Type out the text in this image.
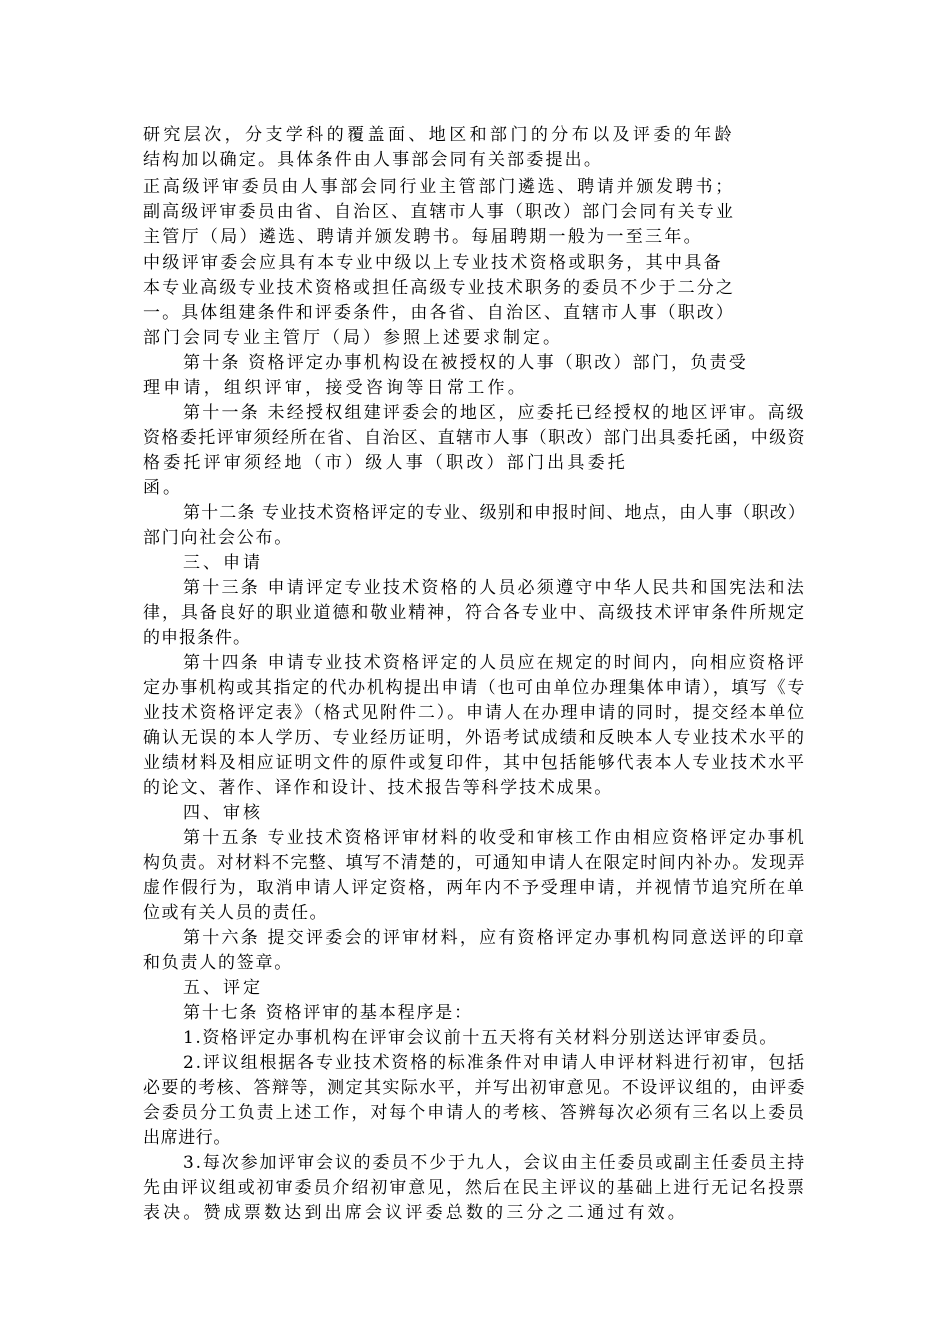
研究层次，分支学科的覆盖面、地区和部门的分布以及评委的年龄
结构加以确定。具体条件由人事部会同有关部委提出。
正高级评审委员由人事部会同行业主管部门遴选、聘请并颁发聘书；
副高级评审委员由省、自治区、直辖市人事（职改）部门会同有关专业
主管厅（局）遴选、聘请并颁发聘书。每届聘期一般为一至三年。
中级评审委会应具有本专业中级以上专业技术资格或职务，其中具备
本专业高级专业技术资格或担任高级专业技术职务的委员不少于二分之
一。具体组建条件和评委条件，由各省、自治区、直辖市人事（职改）
部门会同专业主管厅（局）参照上述要求制定。
第十条 资格评定办事机构设在被授权的人事（职改）部门，负责受
理申请，组织评审，接受咨询等日常工作。
第十一条 未经授权组建评委会的地区，应委托已经授权的地区评审。高级
资格委托评审须经所在省、自治区、直辖市人事（职改）部门出具委托函，中级资
格委托评审须经地（市）级人事（职改）部门出具委托
函。
第十二条 专业技术资格评定的专业、级别和申报时间、地点，由人事（职改）
部门向社会公布。
三、申请
第十三条 申请评定专业技术资格的人员必须遵守中华人民共和国宪法和法
律，具备良好的职业道德和敬业精神，符合各专业中、高级技术评审条件所规定
的申报条件。
第十四条 申请专业技术资格评定的人员应在规定的时间内，向相应资格评
定办事机构或其指定的代办机构提出申请（也可由单位办理集体申请），填写《专
业技术资格评定表》（格式见附件二）。申请人在办理申请的同时，提交经本单位
确认无误的本人学历、专业经历证明，外语考试成绩和反映本人专业技术水平的
业绩材料及相应证明文件的原件或复印件，其中包括能够代表本人专业技术水平
的论文、著作、译作和设计、技术报告等科学技术成果。
四、审核
第十五条 专业技术资格评审材料的收受和审核工作由相应资格评定办事机
构负责。对材料不完整、填写不清楚的，可通知申请人在限定时间内补办。发现弄
虚作假行为，取消申请人评定资格，两年内不予受理申请，并视情节追究所在单
位或有关人员的责任。
第十六条 提交评委会的评审材料，应有资格评定办事机构同意送评的印章
和负责人的签章。
五、评定
第十七条 资格评审的基本程序是：
1.资格评定办事机构在评审会议前十五天将有关材料分别送达评审委员。
2.评议组根据各专业技术资格的标准条件对申请人申评材料进行初审，包括
必要的考核、答辩等，测定其实际水平，并写出初审意见。不设评议组的，由评委
会委员分工负责上述工作，对每个申请人的考核、答辨每次必须有三名以上委员
出席进行。
3.每次参加评审会议的委员不少于九人，会议由主任委员或副主任委员主持
先由评议组或初审委员介绍初审意见，然后在民主评议的基础上进行无记名投票
表决。赞成票数达到出席会议评委总数的三分之二通过有效。
